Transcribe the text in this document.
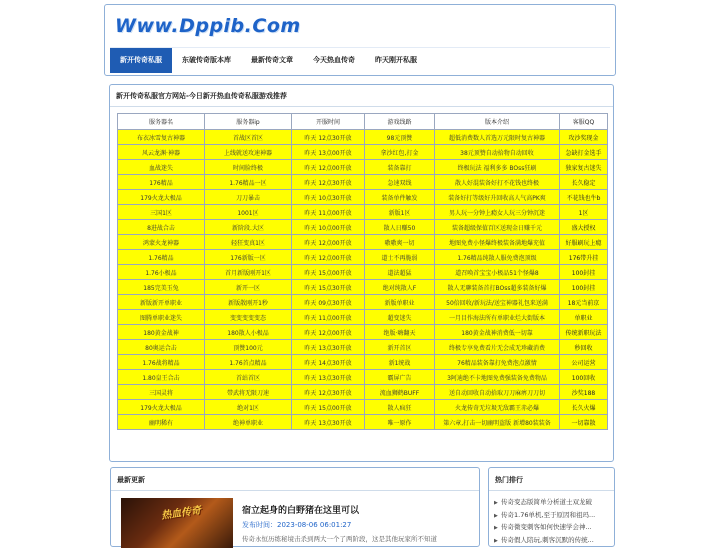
Www.Dppib.Com
新开传奇私服	东破传奇版本库	最新传奇文章	今天热血传奇	昨天刚开私服
新开传奇私服官方网站-今日新开热血传奇私服游戏推荐
服务器名	服务器ip	开服时间	游戏线路	版本介绍	客服QQ
布衣冰雪复古神器	首战区首区	昨天 12点30开放	98元顶赞	超低消费数人首选万元限时复古神器	攻沙奖现金
风云龙渊·神器	上线就送攻速神器	昨天 13点00开放	拿沙红包,打金	38元顶赞自动拾物自动回收	急缺打金选手
血战迷失	时间脸终极	昨天 12点00开放	装备靠打	终极玩法 福利多多 BOss狂刷	独家复古迷失
176精品	1.76精品一区	昨天 12点30开放	急速双线	散人好混装备好打不花钱也终极	长久稳定
179火龙大极品	刀刀暴击	昨天 10点30开放	装备单件触发	装备好打等级好升回收高人气高PK爽	不花钱也牛b
三国1区	1001区	昨天 11点00开放	新版1区	男人玩一分钟上瘾女人玩三分钟沉迷	1区
8进战合击	新阶段.大区	昨天 10点00开放	散人日赚50	装备超级保值百区送现金日赚千元	盛大授权
鸿蒙火龙神器	轻狂变真1区	昨天 12点00开放	嗷嗷爽一切	地图免费小怪爆终极装备满地爆充值	好服刷玩上瘾
1.76精品	176新版一区	昨天 12点00开放	道士不再脆弱	1.76精品纯散人服免费泡顶级	176带升挂
1.76小极品	首月新版刚开1区	昨天 15点00开放	道法超猛	道召唤首宝宝小极品51个怪爆8	100封挂
185完美玉兔	新开一区	昨天 15点30开放	绝对纯散人F	散人无聊装备首打BOss超多装备好爆	100封挂
新版新开单职业	新版散刚开1秒	昨天 09点30开放	新版单职业	50倍回收/新玩法/送宝神器礼包来送满	18元当前京
图腾单职业迷失	变变变变变态	昨天 11点00开放	超变迷失	一月目作海法所有单职业烂大街版本	单职业
180黄金战神	180散人小极品	昨天 12点00开放	绝版·嗨翻天	180黄金战神消费低一切靠	传统新职玩法
80奥运合击	顶赞100元	昨天 13点30开放	新开首区	终极专享免费看片无会成无珍藏消费	秒回收
1.76战将精品	1.76首点精品	昨天 14点30开放	新1统战	76精品装备靠打免费泡点激情	公司运营
1.80皇王合击	首站首区	昨天 13点30开放	霸屏广告	3阿迪绝不卡地图免费强装备免费物品	100回收
三国灵将	带武将无限刀速	昨天 12点30开放	流血狮鹤BUFF	送自动回收自动拾取刀刀麻痹刀刀切	沙奖188
179火龙大极品	绝对1区	昨天 15点00开放	散人疯狂	火龙传奇无垃圾无敌霸王赤必爆	长久火爆
幽明稀有	绝神单职业	昨天 13点30开放	唯一原作	第六章,打击一切幽明盗版 新增80装装备	一切靠散
最新更新
热血传奇	宿立起身的白野猪在这里可以
发布时间：2023-08-06 06:01:27
传奇永恒历练秘境击杀到两大一个了两阶段，这是其他玩家所不知道
热门排行
▶ 传奇变态版简单分析道士双龙破
▶ 传奇1.76单机,至于原因和祖玛...
▶ 传奇微变刺客如何快速学会神...
▶ 传奇假人陪玩,刺客沉默的传统...
